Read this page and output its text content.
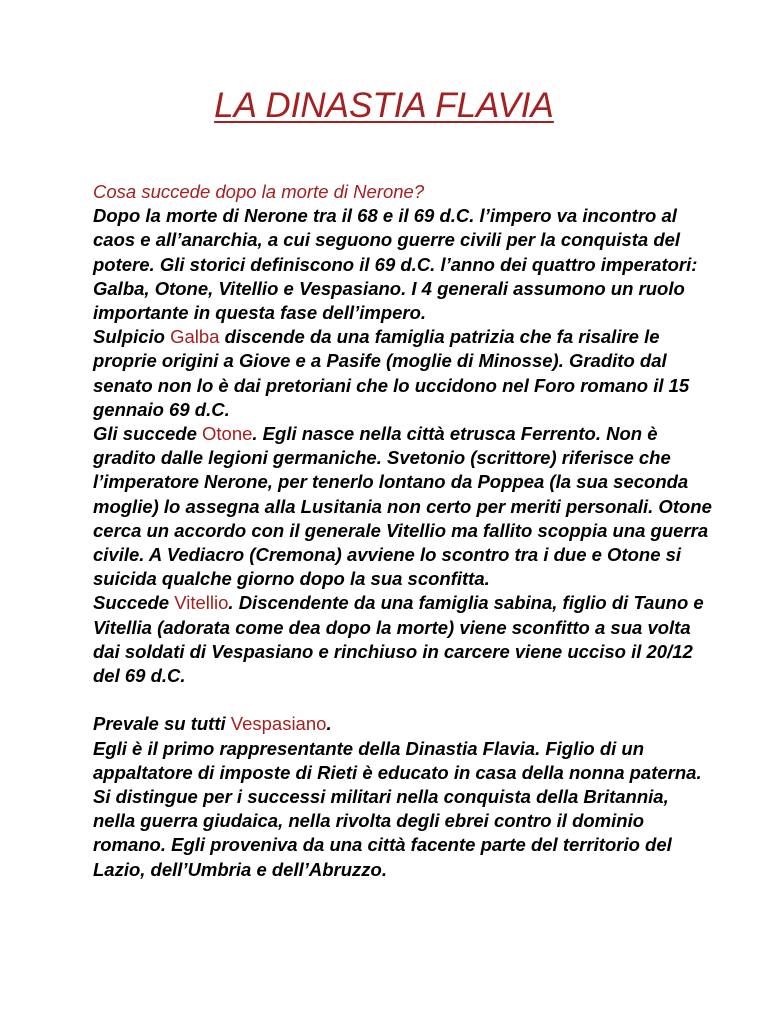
LA DINASTIA FLAVIA

Cosa succede dopo la morte di Nerone?

Dopo la morte di Nerone tra il 68 e il 69 d.C. l’impero va incontro al caos e all’anarchia, a cui seguono guerre civili per la conquista del potere. Gli storici definiscono il 69 d.C. l’anno dei quattro imperatori: Galba, Otone, Vitellio e Vespasiano. I 4 generali assumono un ruolo importante in questa fase dell’impero.

Sulpicio Galba discende da una famiglia patrizia che fa risalire le proprie origini a Giove e a Pasife (moglie di Minosse). Gradito dal senato non lo è dai pretoriani che lo uccidono nel Foro romano il 15 gennaio 69 d.C.

Gli succede Otone. Egli nasce nella città etrusca Ferrento. Non è gradito dalle legioni germaniche. Svetonio (scrittore) riferisce che l’imperatore Nerone, per tenerlo lontano da Poppea (la sua seconda moglie) lo assegna alla Lusitania non certo per meriti personali. Otone cerca un accordo con il generale Vitellio ma fallito scoppia una guerra civile. A Vediacro (Cremona) avviene lo scontro tra i due e Otone si suicida qualche giorno dopo la sua sconfitta.

Succede Vitellio. Discendente da una famiglia sabina, figlio di Tauno e Vitellia (adorata come dea dopo la morte) viene sconfitto a sua volta dai soldati di Vespasiano e rinchiuso in carcere viene ucciso il 20/12 del 69 d.C.

Prevale su tutti Vespasiano.

Egli è il primo rappresentante della Dinastia Flavia. Figlio di un appaltatore di imposte di Rieti è educato in casa della nonna paterna. Si distingue per i successi militari nella conquista della Britannia, nella guerra giudaica, nella rivolta degli ebrei contro il dominio romano. Egli proveniva da una città facente parte del territorio del Lazio, dell’Umbria e dell’Abruzzo.
